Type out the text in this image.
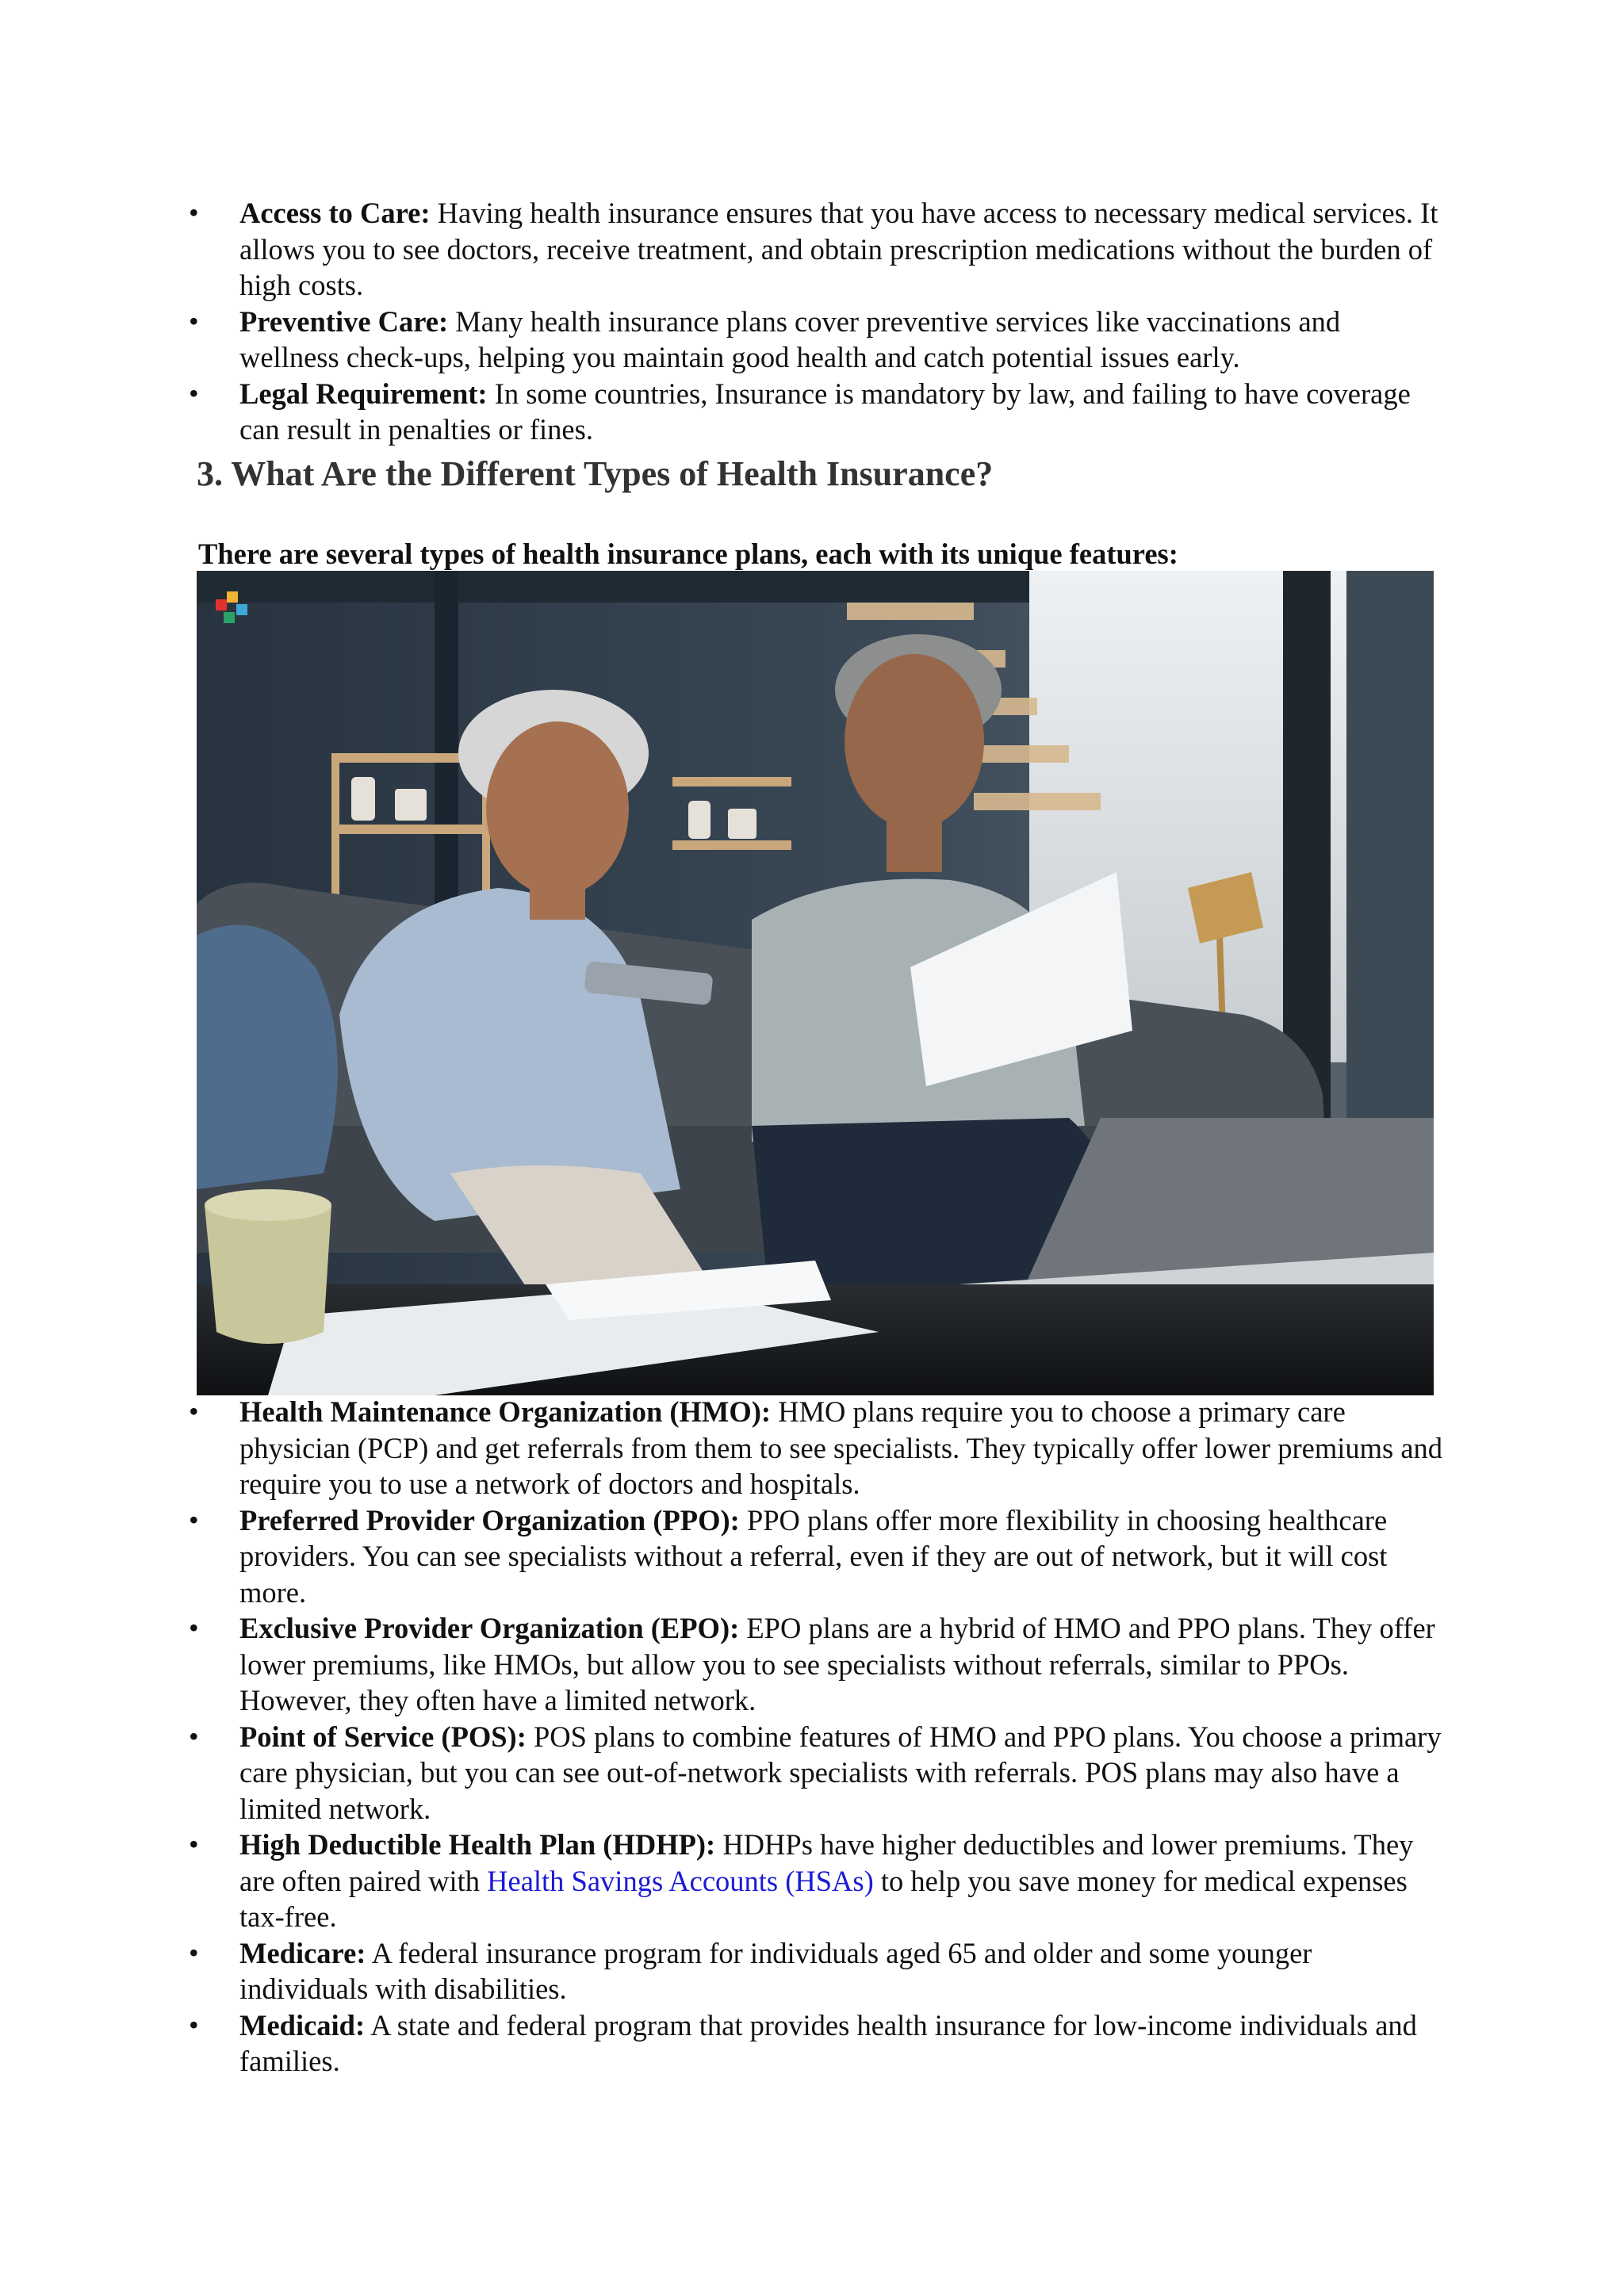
• Access to Care: Having health insurance ensures that you have access to necessary medical services. It allows you to see doctors, receive treatment, and obtain prescription medications without the burden of high costs.
• Preventive Care: Many health insurance plans cover preventive services like vaccinations and wellness check-ups, helping you maintain good health and catch potential issues early.
• Legal Requirement: In some countries, Insurance is mandatory by law, and failing to have coverage can result in penalties or fines.
3. What Are the Different Types of Health Insurance?

There are several types of health insurance plans, each with its unique features:

• Health Maintenance Organization (HMO): HMO plans require you to choose a primary care physician (PCP) and get referrals from them to see specialists. They typically offer lower premiums and require you to use a network of doctors and hospitals.
• Preferred Provider Organization (PPO): PPO plans offer more flexibility in choosing healthcare providers. You can see specialists without a referral, even if they are out of network, but it will cost more.
• Exclusive Provider Organization (EPO): EPO plans are a hybrid of HMO and PPO plans. They offer lower premiums, like HMOs, but allow you to see specialists without referrals, similar to PPOs. However, they often have a limited network.
• Point of Service (POS): POS plans to combine features of HMO and PPO plans. You choose a primary care physician, but you can see out-of-network specialists with referrals. POS plans may also have a limited network.
• High Deductible Health Plan (HDHP): HDHPs have higher deductibles and lower premiums. They are often paired with Health Savings Accounts (HSAs) to help you save money for medical expenses tax-free.
• Medicare: A federal insurance program for individuals aged 65 and older and some younger individuals with disabilities.
• Medicaid: A state and federal program that provides health insurance for low-income individuals and families.
